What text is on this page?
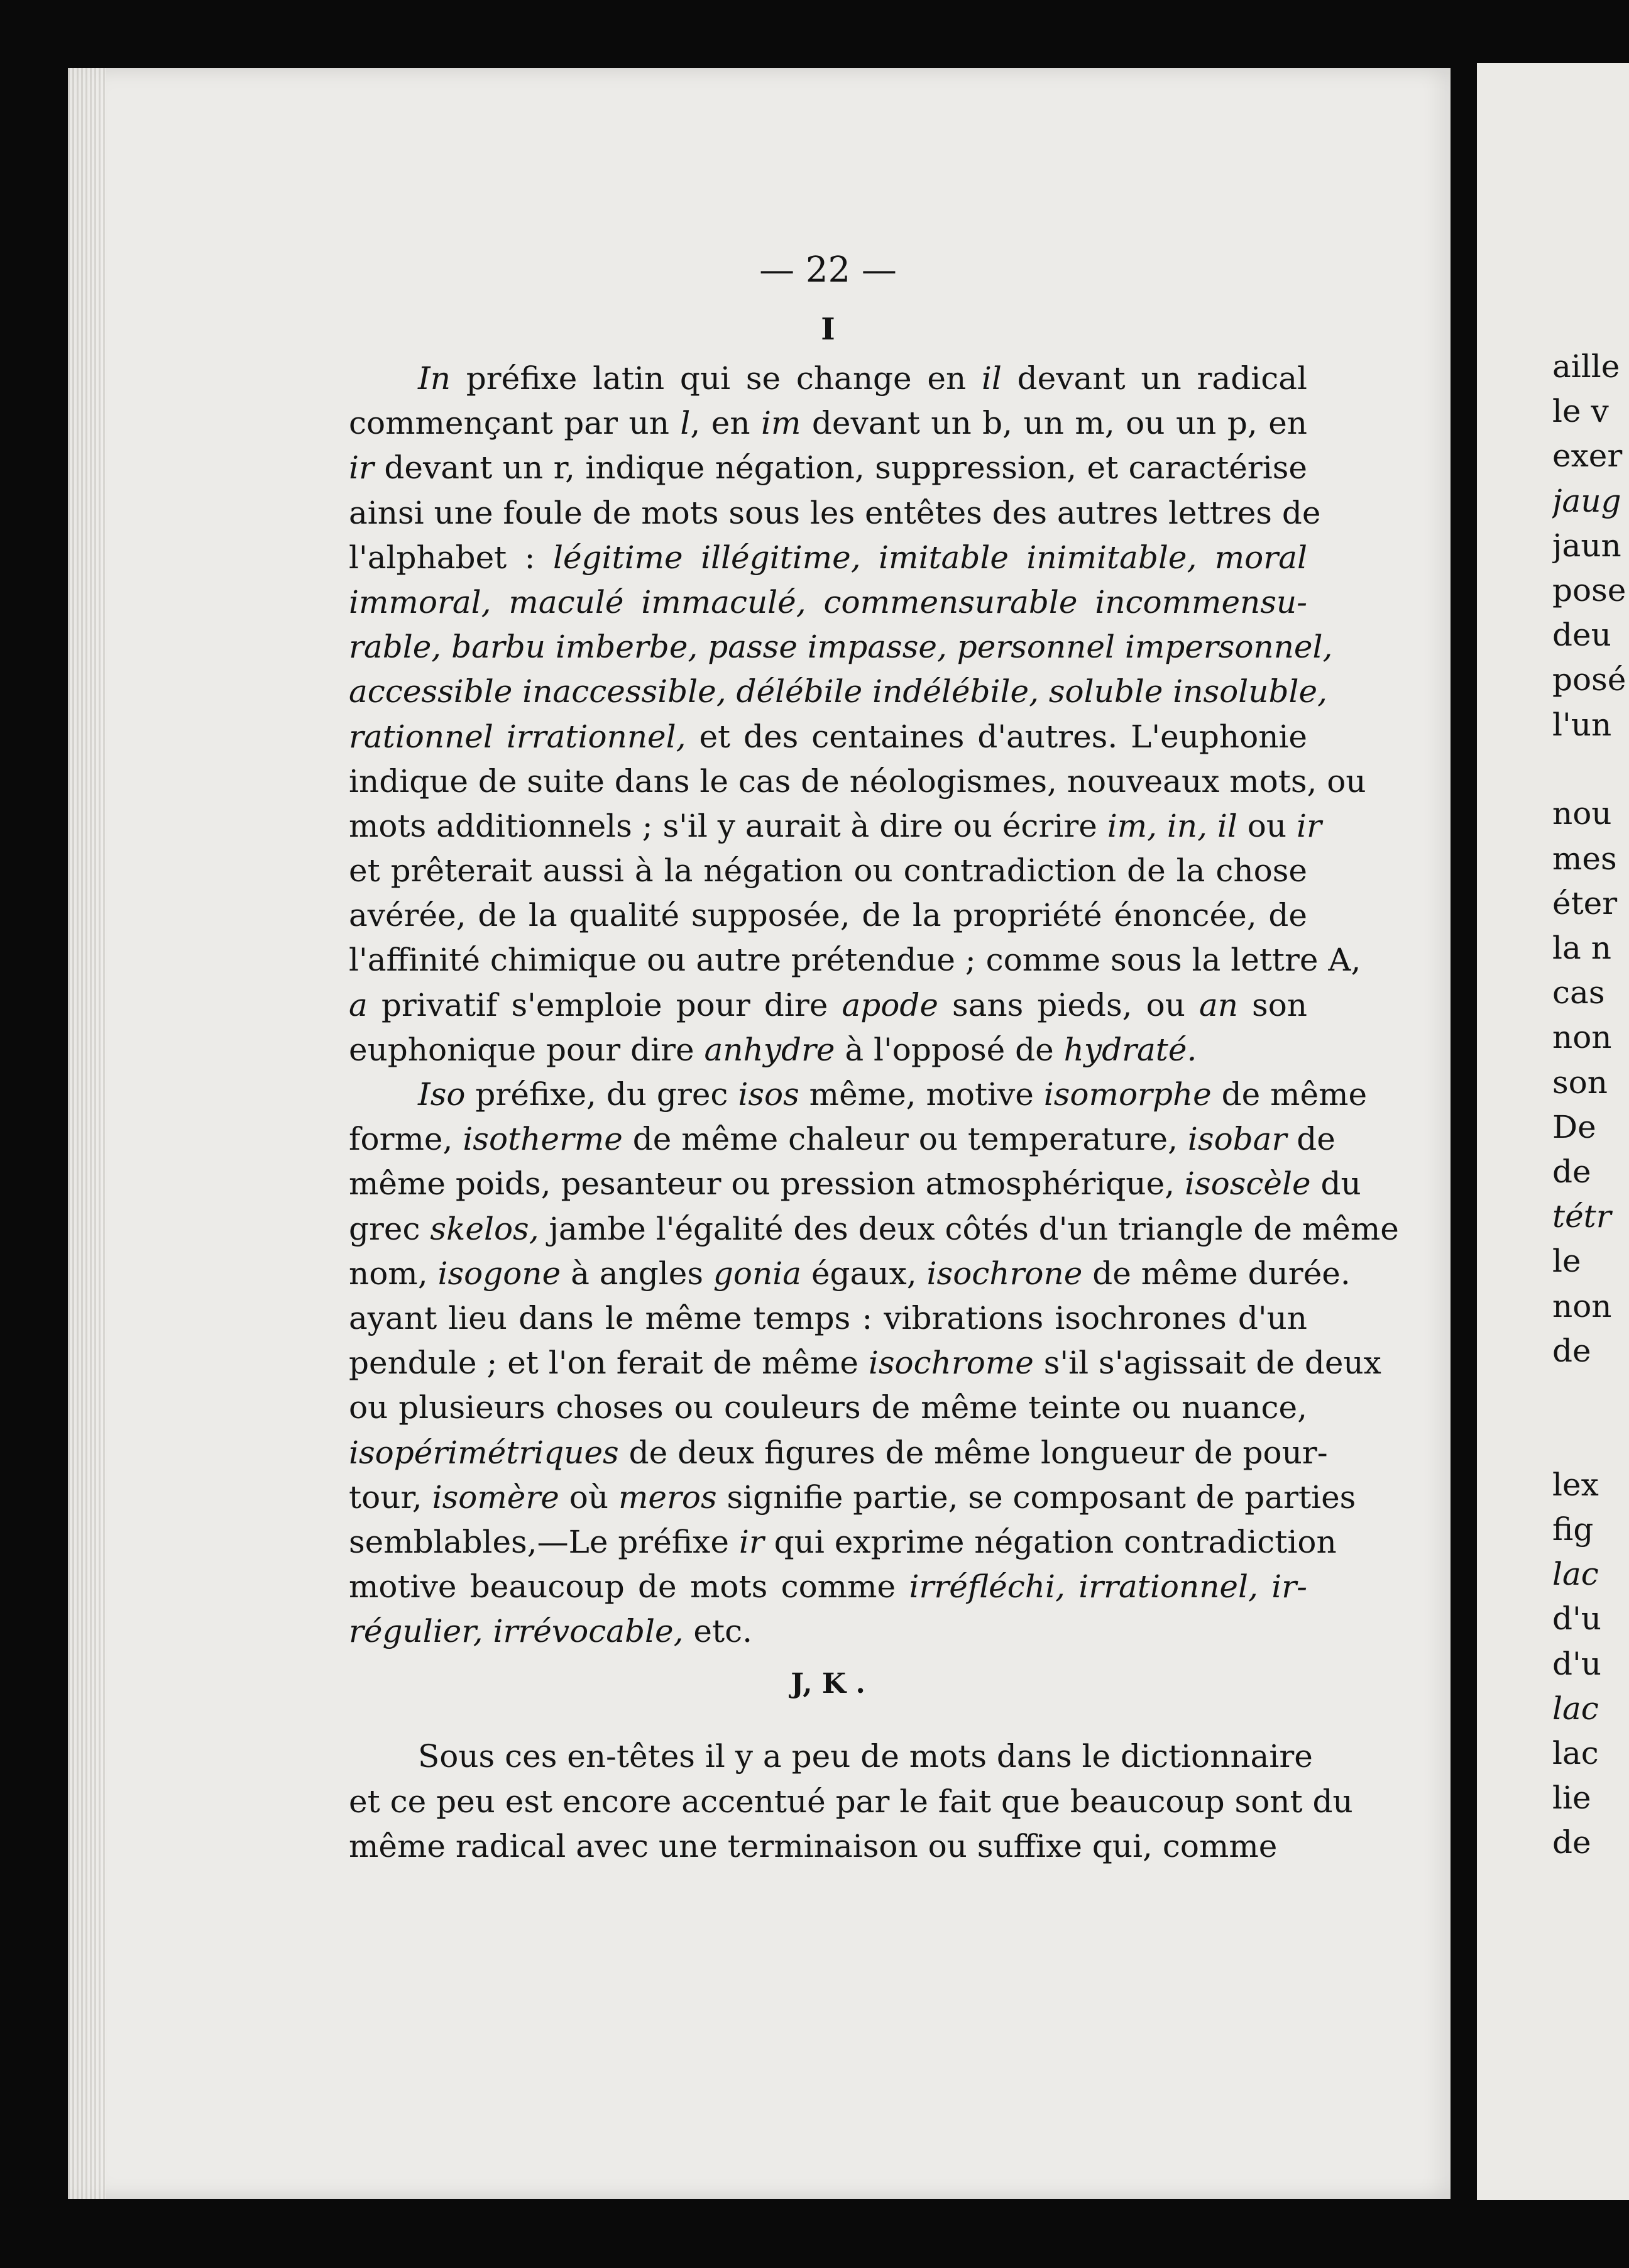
— 22 —
I
In préfixe latin qui se change en il devant un radical
commençant par un l, en im devant un b, un m, ou un p, en
ir devant un r, indique négation, suppression, et caractérise
ainsi une foule de mots sous les entêtes des autres lettres de
l'alphabet : légitime illégitime, imitable inimitable, moral
immoral, maculé immaculé, commensurable incommensu-
rable, barbu imberbe, passe impasse, personnel impersonnel,
accessible inaccessible, délébile indélébile, soluble insoluble,
rationnel irrationnel, et des centaines d'autres. L'euphonie
indique de suite dans le cas de néologismes, nouveaux mots, ou
mots additionnels ; s'il y aurait à dire ou écrire im, in, il ou ir
et prêterait aussi à la négation ou contradiction de la chose
avérée, de la qualité supposée, de la propriété énoncée, de
l'affinité chimique ou autre prétendue ; comme sous la lettre A,
a privatif s'emploie pour dire apode sans pieds, ou an son
euphonique pour dire anhydre à l'opposé de hydraté.
Iso préfixe, du grec isos même, motive isomorphe de même
forme, isotherme de même chaleur ou temperature, isobar de
même poids, pesanteur ou pression atmosphérique, isoscèle du
grec skelos, jambe l'égalité des deux côtés d'un triangle de même
nom, isogone à angles gonia égaux, isochrone de même durée.
ayant lieu dans le même temps : vibrations isochrones d'un
pendule ; et l'on ferait de même isochrome s'il s'agissait de deux
ou plusieurs choses ou couleurs de même teinte ou nuance,
isopérimétriques de deux figures de même longueur de pour-
tour, isomère où meros signifie partie, se composant de parties
semblables,—Le préfixe ir qui exprime négation contradiction
motive beaucoup de mots comme irréfléchi, irrationnel, ir-
régulier, irrévocable, etc.
J, K .
Sous ces en-têtes il y a peu de mots dans le dictionnaire
et ce peu est encore accentué par le fait que beaucoup sont du
même radical avec une terminaison ou suffixe qui, comme
aille
le v
exer
jaug
jaun
pose
deu
posé
l'un
nou
mes
éter
la n
cas
non
son
De
de
tétr
le
non
de
lex
fig
lac
d'u
d'u
lac
lac
lie
de
